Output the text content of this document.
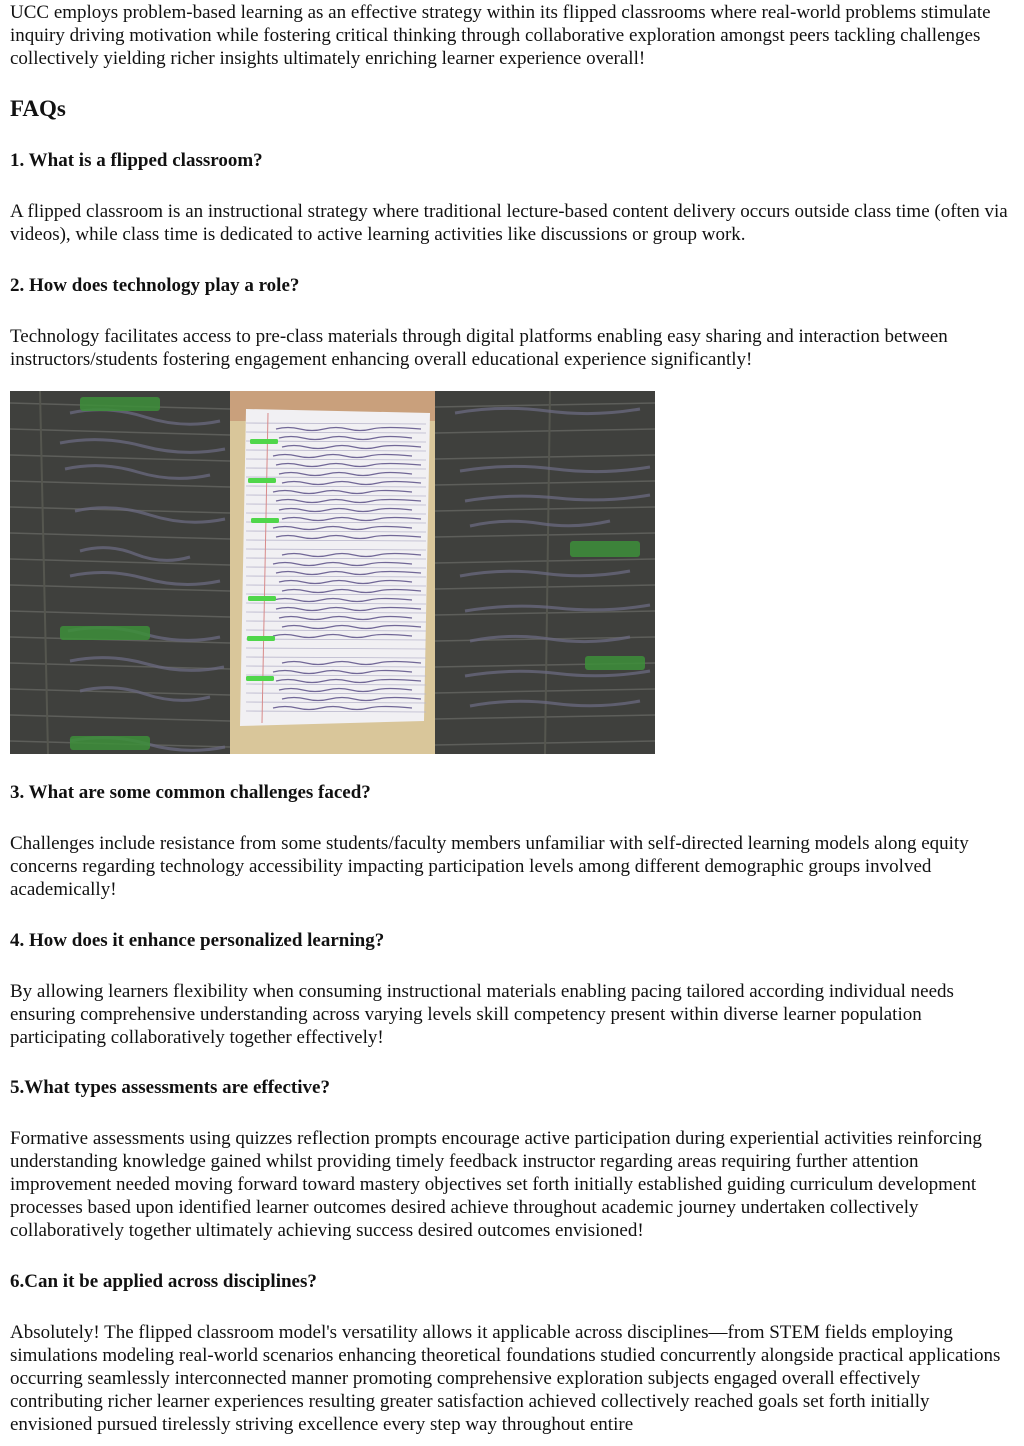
UCC employs problem-based learning as an effective strategy within its flipped classrooms where real-world problems stimulate inquiry driving motivation while fostering critical thinking through collaborative exploration amongst peers tackling challenges collectively yielding richer insights ultimately enriching learner experience overall!

FAQs
1. What is a flipped classroom?

A flipped classroom is an instructional strategy where traditional lecture-based content delivery occurs outside class time (often via videos), while class time is dedicated to active learning activities like discussions or group work.

2. How does technology play a role?

Technology facilitates access to pre-class materials through digital platforms enabling easy sharing and interaction between instructors/students fostering engagement enhancing overall educational experience significantly!

3. What are some common challenges faced?

Challenges include resistance from some students/faculty members unfamiliar with self-directed learning models along equity concerns regarding technology accessibility impacting participation levels among different demographic groups involved academically!

4. How does it enhance personalized learning?

By allowing learners flexibility when consuming instructional materials enabling pacing tailored according individual needs ensuring comprehensive understanding across varying levels skill competency present within diverse learner population participating collaboratively together effectively!

5.What types assessments are effective?

Formative assessments using quizzes reflection prompts encourage active participation during experiential activities reinforcing understanding knowledge gained whilst providing timely feedback instructor regarding areas requiring further attention improvement needed moving forward toward mastery objectives set forth initially established guiding curriculum development processes based upon identified learner outcomes desired achieve throughout academic journey undertaken collectively collaboratively together ultimately achieving success desired outcomes envisioned!

6.Can it be applied across disciplines?

Absolutely! The flipped classroom model's versatility allows it applicable across disciplines—from STEM fields employing simulations modeling real-world scenarios enhancing theoretical foundations studied concurrently alongside practical applications occurring seamlessly interconnected manner promoting comprehensive exploration subjects engaged overall effectively contributing richer learner experiences resulting greater satisfaction achieved collectively reached goals set forth initially envisioned pursued tirelessly striving excellence every step way throughout entire
